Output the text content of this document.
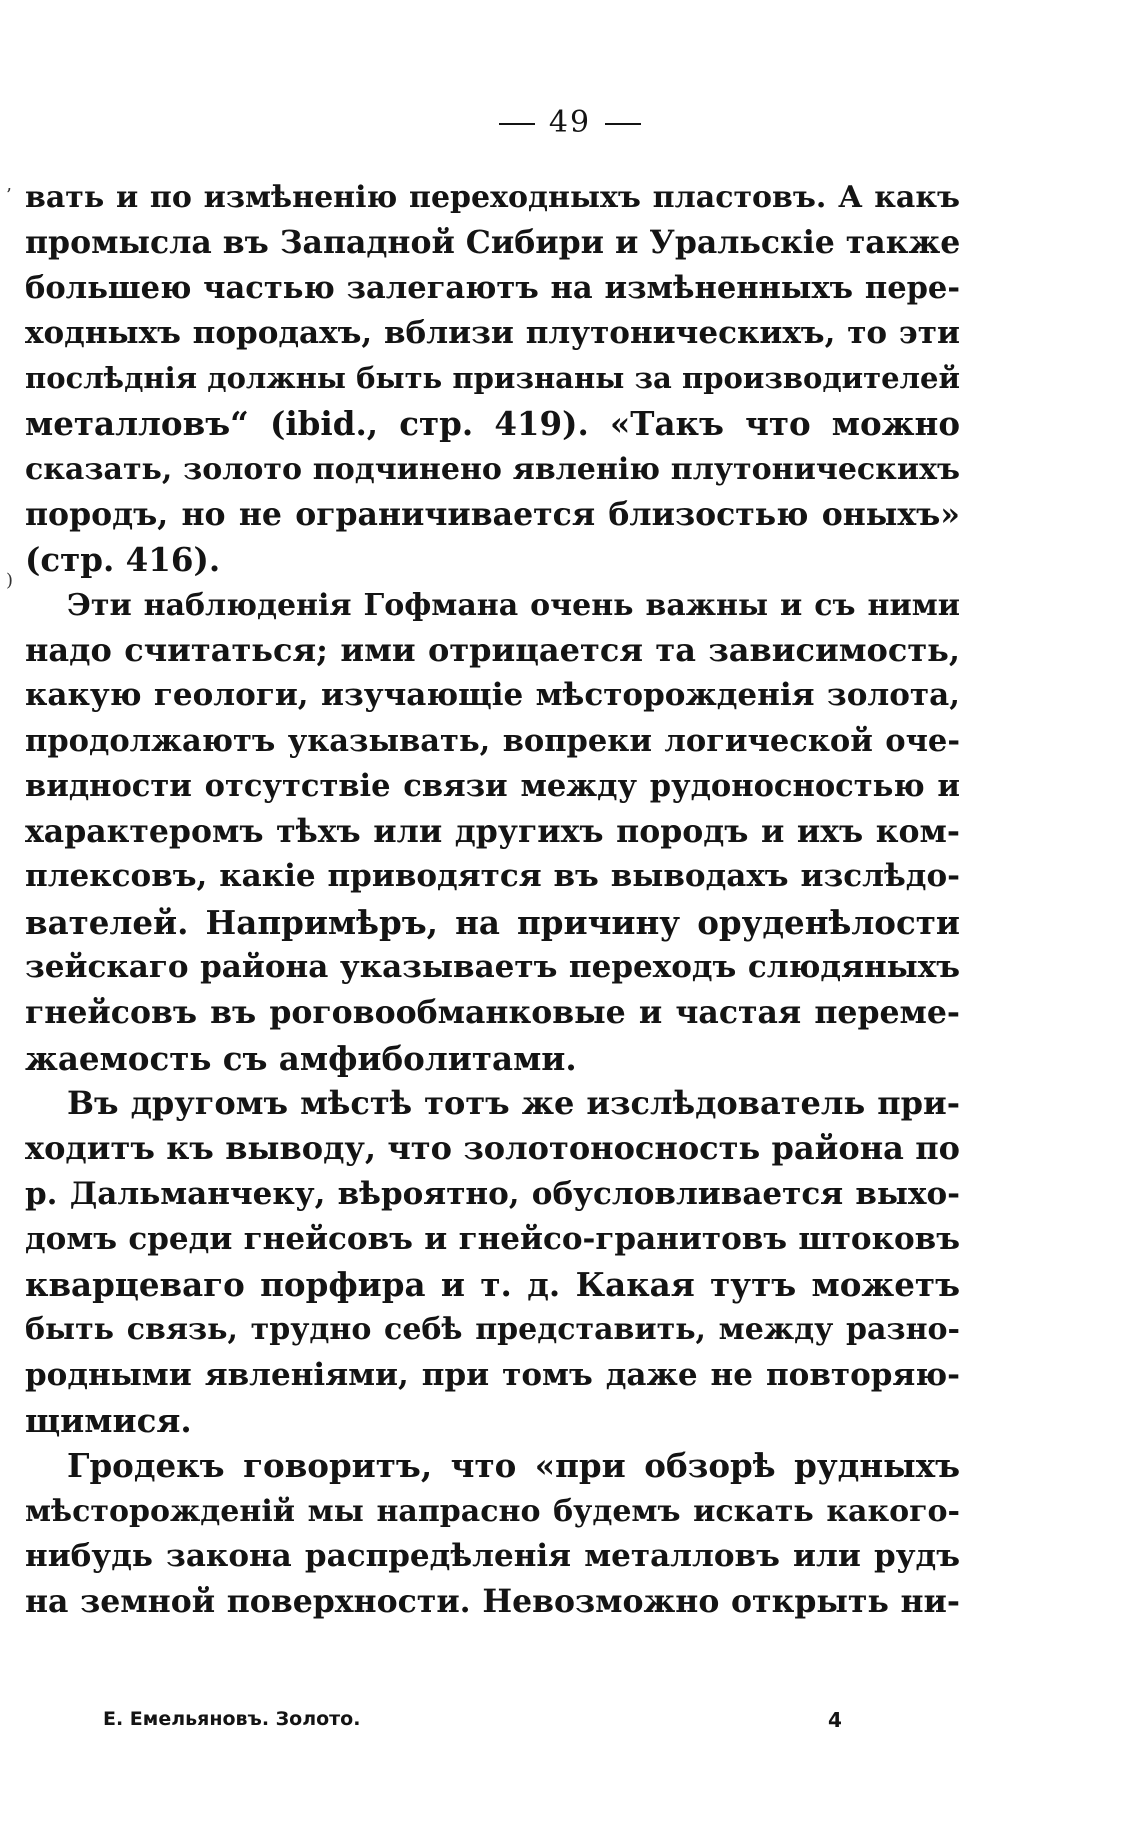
49
’
)
вать и по измѣненію переходныхъ пластовъ. А какъ
промысла въ Западной Сибири и Уральскіе также
большею частью залегаютъ на измѣненныхъ пере-
ходныхъ породахъ, вблизи плутоническихъ, то эти
послѣднія должны быть признаны за производителей
металловъ“ (ibid., стр. 419). «Такъ что можно
сказать, золото подчинено явленію плутоническихъ
породъ, но не ограничивается близостью оныхъ»
(стр. 416).
Эти наблюденія Гофмана очень важны и съ ними
надо считаться; ими отрицается та зависимость,
какую геологи, изучающіе мѣсторожденія золота,
продолжаютъ указывать, вопреки логической оче-
видности отсутствіе связи между рудоносностью и
характеромъ тѣхъ или другихъ породъ и ихъ ком-
плексовъ, какіе приводятся въ выводахъ изслѣдо-
вателей. Напримѣръ, на причину оруденѣлости
зейскаго района указываетъ переходъ слюдяныхъ
гнейсовъ въ роговообманковые и частая переме-
жаемость съ амфиболитами.
Въ другомъ мѣстѣ тотъ же изслѣдователь при-
ходитъ къ выводу, что золотоносность района по
р. Дальманчеку, вѣроятно, обусловливается выхо-
домъ среди гнейсовъ и гнейсо-гранитовъ штоковъ
кварцеваго порфира и т. д. Какая тутъ можетъ
быть связь, трудно себѣ представить, между разно-
родными явленіями, при томъ даже не повторяю-
щимися.
Гродекъ говоритъ, что «при обзорѣ рудныхъ
мѣсторожденій мы напрасно будемъ искать какого-
нибудь закона распредѣленія металловъ или рудъ
на земной поверхности. Невозможно открыть ни-
Е. Емельяновъ. Золото.	4
